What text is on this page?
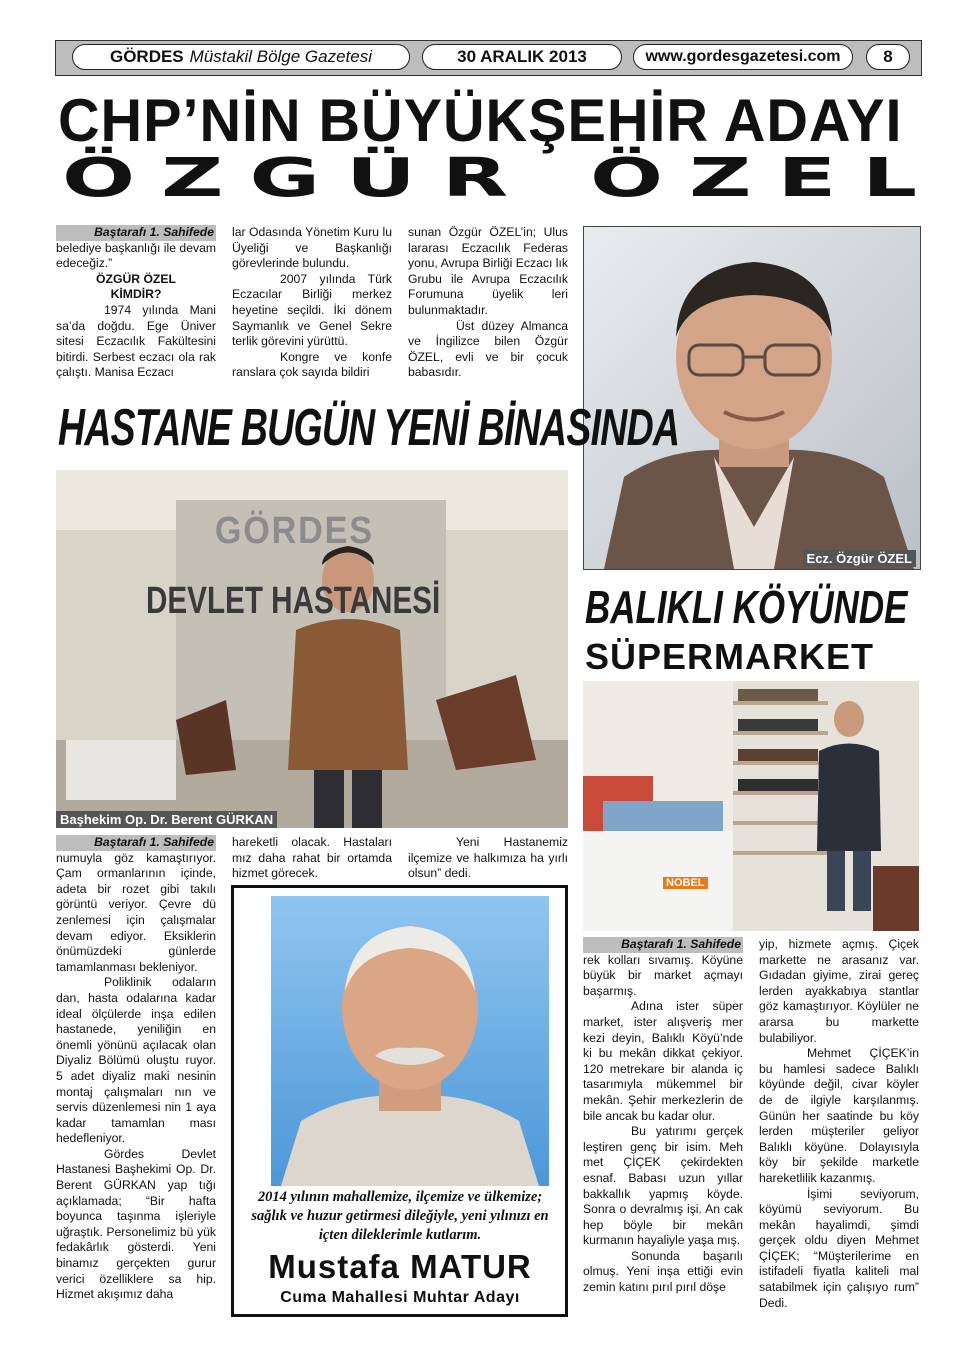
GÖRDES Müstakil Bölge Gazetesi	30 ARALIK 2013	www.gordesgazetesi.com	8
CHP’NİN BÜYÜKŞEHİR ADAYI
ÖZGÜR ÖZEL

Baştarafı 1. Sahifede

belediye başkanlığı ile devam edeceğiz.”

ÖZGÜR ÖZEL

KİMDİR?

1974 yılında Mani sa’da doğdu. Ege Üniver sitesi Eczacılık Fakültesini bitirdi. Serbest eczacı ola rak çalıştı. Manisa Eczacı

lar Odasında Yönetim Kuru lu Üyeliği ve Başkanlığı görevlerinde bulundu.

2007 yılında Türk Eczacılar Birliği merkez heyetine seçildi. İki dönem Saymanlık ve Genel Sekre terlik görevini yürüttü.

Kongre ve konfe ranslara çok sayıda bildiri

sunan Özgür ÖZEL’in; Ulus lararası Eczacılık Federas yonu, Avrupa Birliği Eczacı lık Grubu ile Avrupa Eczacılık Forumuna üyelik leri bulunmaktadır.

Üst düzey Almanca ve İngilizce bilen Özgür ÖZEL, evli ve bir çocuk babasıdır.

Ecz. Özgür ÖZEL
HASTANE BUGÜN YENİ BİNASINDA
GÖRDES
DEVLET HASTANESİ
Başhekim Op. Dr. Berent GÜRKAN

Baştarafı 1. Sahifede

numuyla göz kamaştırıyor. Çam ormanlarının içinde, adeta bir rozet gibi takılı görüntü veriyor. Çevre dü zenlemesi için çalışmalar devam ediyor. Eksiklerin önümüzdeki günlerde tamamlanması bekleniyor.

Poliklinik odaların dan, hasta odalarına kadar ideal ölçülerde inşa edilen hastanede, yeniliğin en önemli yönünü açılacak olan Diyaliz Bölümü oluştu ruyor. 5 adet diyaliz maki nesinin montaj çalışmaları nın ve servis düzenlemesi nin 1 aya kadar tamamlan ması hedefleniyor.

Gördes Devlet Hastanesi Başhekimi Op. Dr. Berent GÜRKAN yap tığı açıklamada; “Bir hafta boyunca taşınma işleriyle uğraştık. Personelimiz bü yük fedakârlık gösterdi. Yeni binamız gerçekten gurur verici özelliklere sa hip. Hizmet akışımız daha

hareketli olacak. Hastaları mız daha rahat bir ortamda hizmet görecek.

Yeni Hastanemiz ilçemize ve halkımıza ha yırlı olsun” dedi.

2014 yılının mahallemize, ilçemize ve ülkemize; sağlık ve huzur getirmesi dileğiyle, yeni yılınızı en içten dileklerimle kutlarım.
Mustafa MATUR
Cuma Mahallesi Muhtar Adayı
BALIKLI KÖYÜNDE
SÜPERMARKET
NOBEL

Baştarafı 1. Sahifede

rek kolları sıvamış. Köyüne büyük bir market açmayı başarmış.

Adına ister süper market, ister alışveriş mer kezi deyin, Balıklı Köyü’nde ki bu mekân dikkat çekiyor. 120 metrekare bir alanda iç tasarımıyla mükemmel bir mekân. Şehir merkezlerin de bile ancak bu kadar olur.

Bu yatırımı gerçek leştiren genç bir isim. Meh met ÇİÇEK çekirdekten esnaf. Babası uzun yıllar bakkallık yapmış köyde. Sonra o devralmış işi. An cak hep böyle bir mekân kurmanın hayaliyle yaşa mış.

Sonunda başarılı olmuş. Yeni inşa ettiği evin zemin katını pırıl pırıl döşe

yip, hizmete açmış. Çiçek markette ne arasanız var. Gıdadan giyime, zirai gereç lerden ayakkabıya stantlar göz kamaştırıyor. Köylüler ne ararsa bu markette bulabiliyor.

Mehmet ÇİÇEK’in bu hamlesi sadece Balıklı köyünde değil, civar köyler de de ilgiyle karşılanmış. Günün her saatinde bu köy lerden müşteriler geliyor Balıklı köyüne. Dolayısıyla köy bir şekilde marketle hareketlilik kazanmış.

İşimi seviyorum, köyümü seviyorum. Bu mekân hayalimdi, şimdi gerçek oldu diyen Mehmet ÇİÇEK; “Müşterilerime en istifadeli fiyatla kaliteli mal satabilmek için çalışıyo rum” Dedi.
